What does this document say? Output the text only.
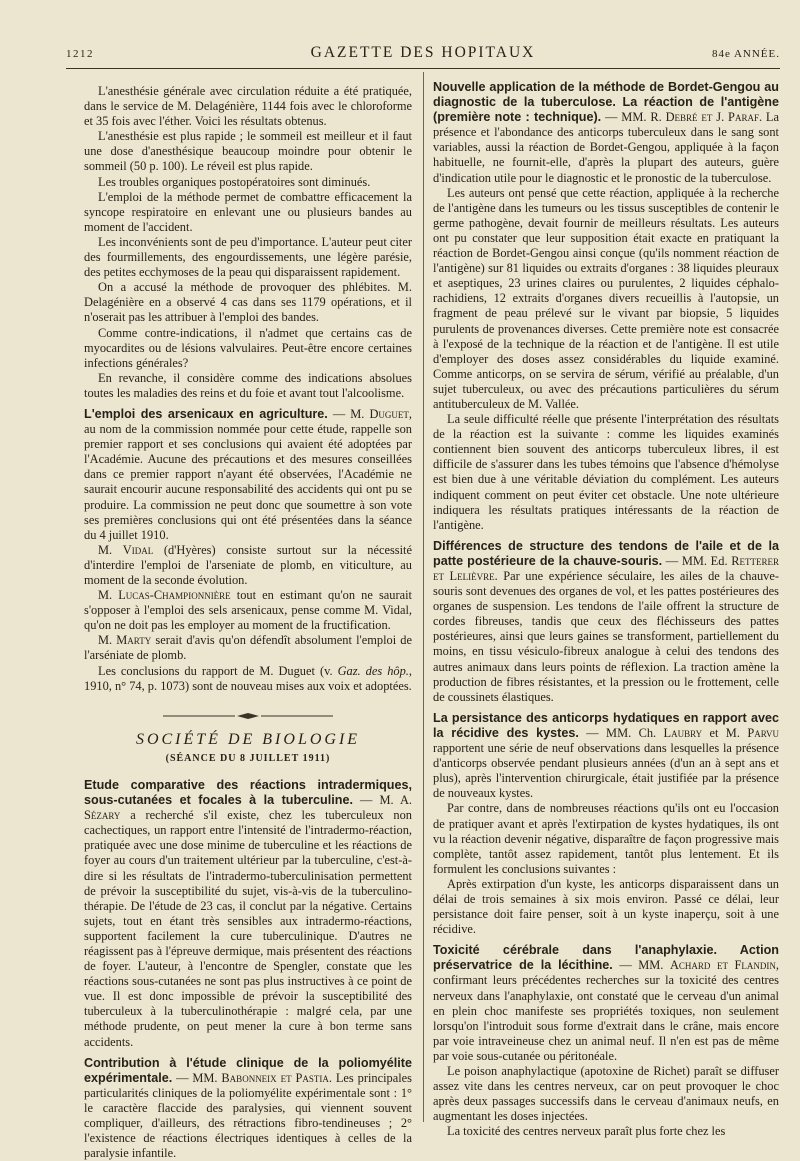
1212	GAZETTE DES HOPITAUX	84e ANNÉE.

L'anesthésie générale avec circulation réduite a été pratiquée, dans le service de M. Delagénière, 1144 fois avec le chloroforme et 35 fois avec l'éther. Voici les résultats obtenus.

L'anesthésie est plus rapide ; le sommeil est meilleur et il faut une dose d'anesthésique beaucoup moindre pour obtenir le sommeil (50 p. 100). Le réveil est plus rapide.

Les troubles organiques postopératoires sont diminués.

L'emploi de la méthode permet de combattre efficacement la syncope respiratoire en enlevant une ou plusieurs bandes au moment de l'accident.

Les inconvénients sont de peu d'importance. L'auteur peut citer des fourmillements, des engourdissements, une légère parésie, des petites ecchymoses de la peau qui disparaissent rapidement.

On a accusé la méthode de provoquer des phlébites. M. Delagénière en a observé 4 cas dans ses 1179 opérations, et il n'oserait pas les attribuer à l'emploi des bandes.

Comme contre-indications, il n'admet que certains cas de myocardites ou de lésions valvulaires. Peut-être encore certaines infections générales?

En revanche, il considère comme des indications absolues toutes les maladies des reins et du foie et avant tout l'alcoolisme.

L'emploi des arsenicaux en agriculture. — M. Duguet, au nom de la commission nommée pour cette étude, rappelle son premier rapport et ses conclusions qui avaient été adoptées par l'Académie. Aucune des précautions et des mesures conseillées dans ce premier rapport n'ayant été observées, l'Académie ne saurait encourir aucune responsabilité des accidents qui ont pu se produire. La commission ne peut donc que soumettre à son vote ses premières conclusions qui ont été présentées dans la séance du 4 juillet 1910.

M. Vidal (d'Hyères) consiste surtout sur la nécessité d'interdire l'emploi de l'arseniate de plomb, en viticulture, au moment de la seconde évolution.

M. Lucas-Championnière tout en estimant qu'on ne saurait s'opposer à l'emploi des sels arsenicaux, pense comme M. Vidal, qu'on ne doit pas les employer au moment de la fructification.

M. Marty serait d'avis qu'on défendît absolument l'emploi de l'arséniate de plomb.

Les conclusions du rapport de M. Duguet (v. Gaz. des hôp., 1910, n° 74, p. 1073) sont de nouveau mises aux voix et adoptées.

SOCIÉTÉ DE BIOLOGIE
(SÉANCE DU 8 JUILLET 1911)

Etude comparative des réactions intradermiques, sous-cutanées et focales à la tuberculine. — M. A. Sézary a recherché s'il existe, chez les tuberculeux non cachectiques, un rapport entre l'intensité de l'intradermo-réaction, pratiquée avec une dose minime de tuberculine et les réactions de foyer au cours d'un traitement ultérieur par la tuberculine, c'est-à-dire si les résultats de l'intradermo-tuberculinisation permettent de prévoir la susceptibilité du sujet, vis-à-vis de la tuberculino-thérapie. De l'étude de 23 cas, il conclut par la négative. Certains sujets, tout en étant très sensibles aux intradermo-réactions, supportent facilement la cure tuberculinique. D'autres ne réagissent pas à l'épreuve dermique, mais présentent des réactions de foyer. L'auteur, à l'encontre de Spengler, constate que les réactions sous-cutanées ne sont pas plus instructives à ce point de vue. Il est donc impossible de prévoir la susceptibilité des tuberculeux à la tuberculinothérapie : malgré cela, par une méthode prudente, on peut mener la cure à bon terme sans accidents.

Contribution à l'étude clinique de la poliomyélite expérimentale. — MM. Babonneix et Pastia. Les principales particularités cliniques de la poliomyélite expérimentale sont : 1° le caractère flaccide des paralysies, qui viennent souvent compliquer, d'ailleurs, des rétractions fibro-tendineuses ; 2° l'existence de réactions électriques identiques à celles de la paralysie infantile.

Nouvelle application de la méthode de Bordet-Gengou au diagnostic de la tuberculose. La réaction de l'antigène (première note : technique). — MM. R. Debré et J. Paraf. La présence et l'abondance des anticorps tuberculeux dans le sang sont variables, aussi la réaction de Bordet-Gengou, appliquée à la façon habituelle, ne fournit-elle, d'après la plupart des auteurs, guère d'indication utile pour le diagnostic et le pronostic de la tuberculose.

Les auteurs ont pensé que cette réaction, appliquée à la recherche de l'antigène dans les tumeurs ou les tissus susceptibles de contenir le germe pathogène, devait fournir de meilleurs résultats. Les auteurs ont pu constater que leur supposition était exacte en pratiquant la réaction de Bordet-Gengou ainsi conçue (qu'ils nomment réaction de l'antigène) sur 81 liquides ou extraits d'organes : 38 liquides pleuraux et aseptiques, 23 urines claires ou purulentes, 2 liquides céphalo-rachidiens, 12 extraits d'organes divers recueillis à l'autopsie, un fragment de peau prélevé sur le vivant par biopsie, 5 liquides purulents de provenances diverses. Cette première note est consacrée à l'exposé de la technique de la réaction et de l'antigène. Il est utile d'employer des doses assez considérables du liquide examiné. Comme anticorps, on se servira de sérum, vérifié au préalable, d'un sujet tuberculeux, ou avec des précautions particulières du sérum antituberculeux de M. Vallée.

La seule difficulté réelle que présente l'interprétation des résultats de la réaction est la suivante : comme les liquides examinés contiennent bien souvent des anticorps tuberculeux libres, il est difficile de s'assurer dans les tubes témoins que l'absence d'hémolyse est bien due à une véritable déviation du complément. Les auteurs indiquent comment on peut éviter cet obstacle. Une note ultérieure indiquera les résultats pratiques intéressants de la réaction de l'antigène.

Différences de structure des tendons de l'aile et de la patte postérieure de la chauve-souris. — MM. Ed. Retterer et Lelièvre. Par une expérience séculaire, les ailes de la chauve-souris sont devenues des organes de vol, et les pattes postérieures des organes de suspension. Les tendons de l'aile offrent la structure de cordes fibreuses, tandis que ceux des fléchisseurs des pattes postérieures, ainsi que leurs gaines se transforment, partiellement du moins, en tissu vésiculo-fibreux analogue à celui des tendons des autres animaux dans leurs points de réflexion. La traction amène la production de fibres résistantes, et la pression ou le frottement, celle de coussinets élastiques.

La persistance des anticorps hydatiques en rapport avec la récidive des kystes. — MM. Ch. Laubry et M. Parvu rapportent une série de neuf observations dans lesquelles la présence d'anticorps observée pendant plusieurs années (d'un an à sept ans et plus), après l'intervention chirurgicale, était justifiée par la présence de nouveaux kystes.

Par contre, dans de nombreuses réactions qu'ils ont eu l'occasion de pratiquer avant et après l'extirpation de kystes hydatiques, ils ont vu la réaction devenir négative, disparaître de façon progressive mais complète, tantôt assez rapidement, tantôt plus lentement. Et ils formulent les conclusions suivantes :

Après extirpation d'un kyste, les anticorps disparaissent dans un délai de trois semaines à six mois environ. Passé ce délai, leur persistance doit faire penser, soit à un kyste inaperçu, soit à une récidive.

Toxicité cérébrale dans l'anaphylaxie. Action préservatrice de la lécithine. — MM. Achard et Flandin, confirmant leurs précédentes recherches sur la toxicité des centres nerveux dans l'anaphylaxie, ont constaté que le cerveau d'un animal en plein choc manifeste ses propriétés toxiques, non seulement lorsqu'on l'introduit sous forme d'extrait dans le crâne, mais encore par voie intraveineuse chez un animal neuf. Il n'en est pas de même par voie sous-cutanée ou péritonéale.

Le poison anaphylactique (apotoxine de Richet) paraît se diffuser assez vite dans les centres nerveux, car on peut provoquer le choc après deux passages successifs dans le cerveau d'animaux neufs, en augmentant les doses injectées.

La toxicité des centres nerveux paraît plus forte chez les
